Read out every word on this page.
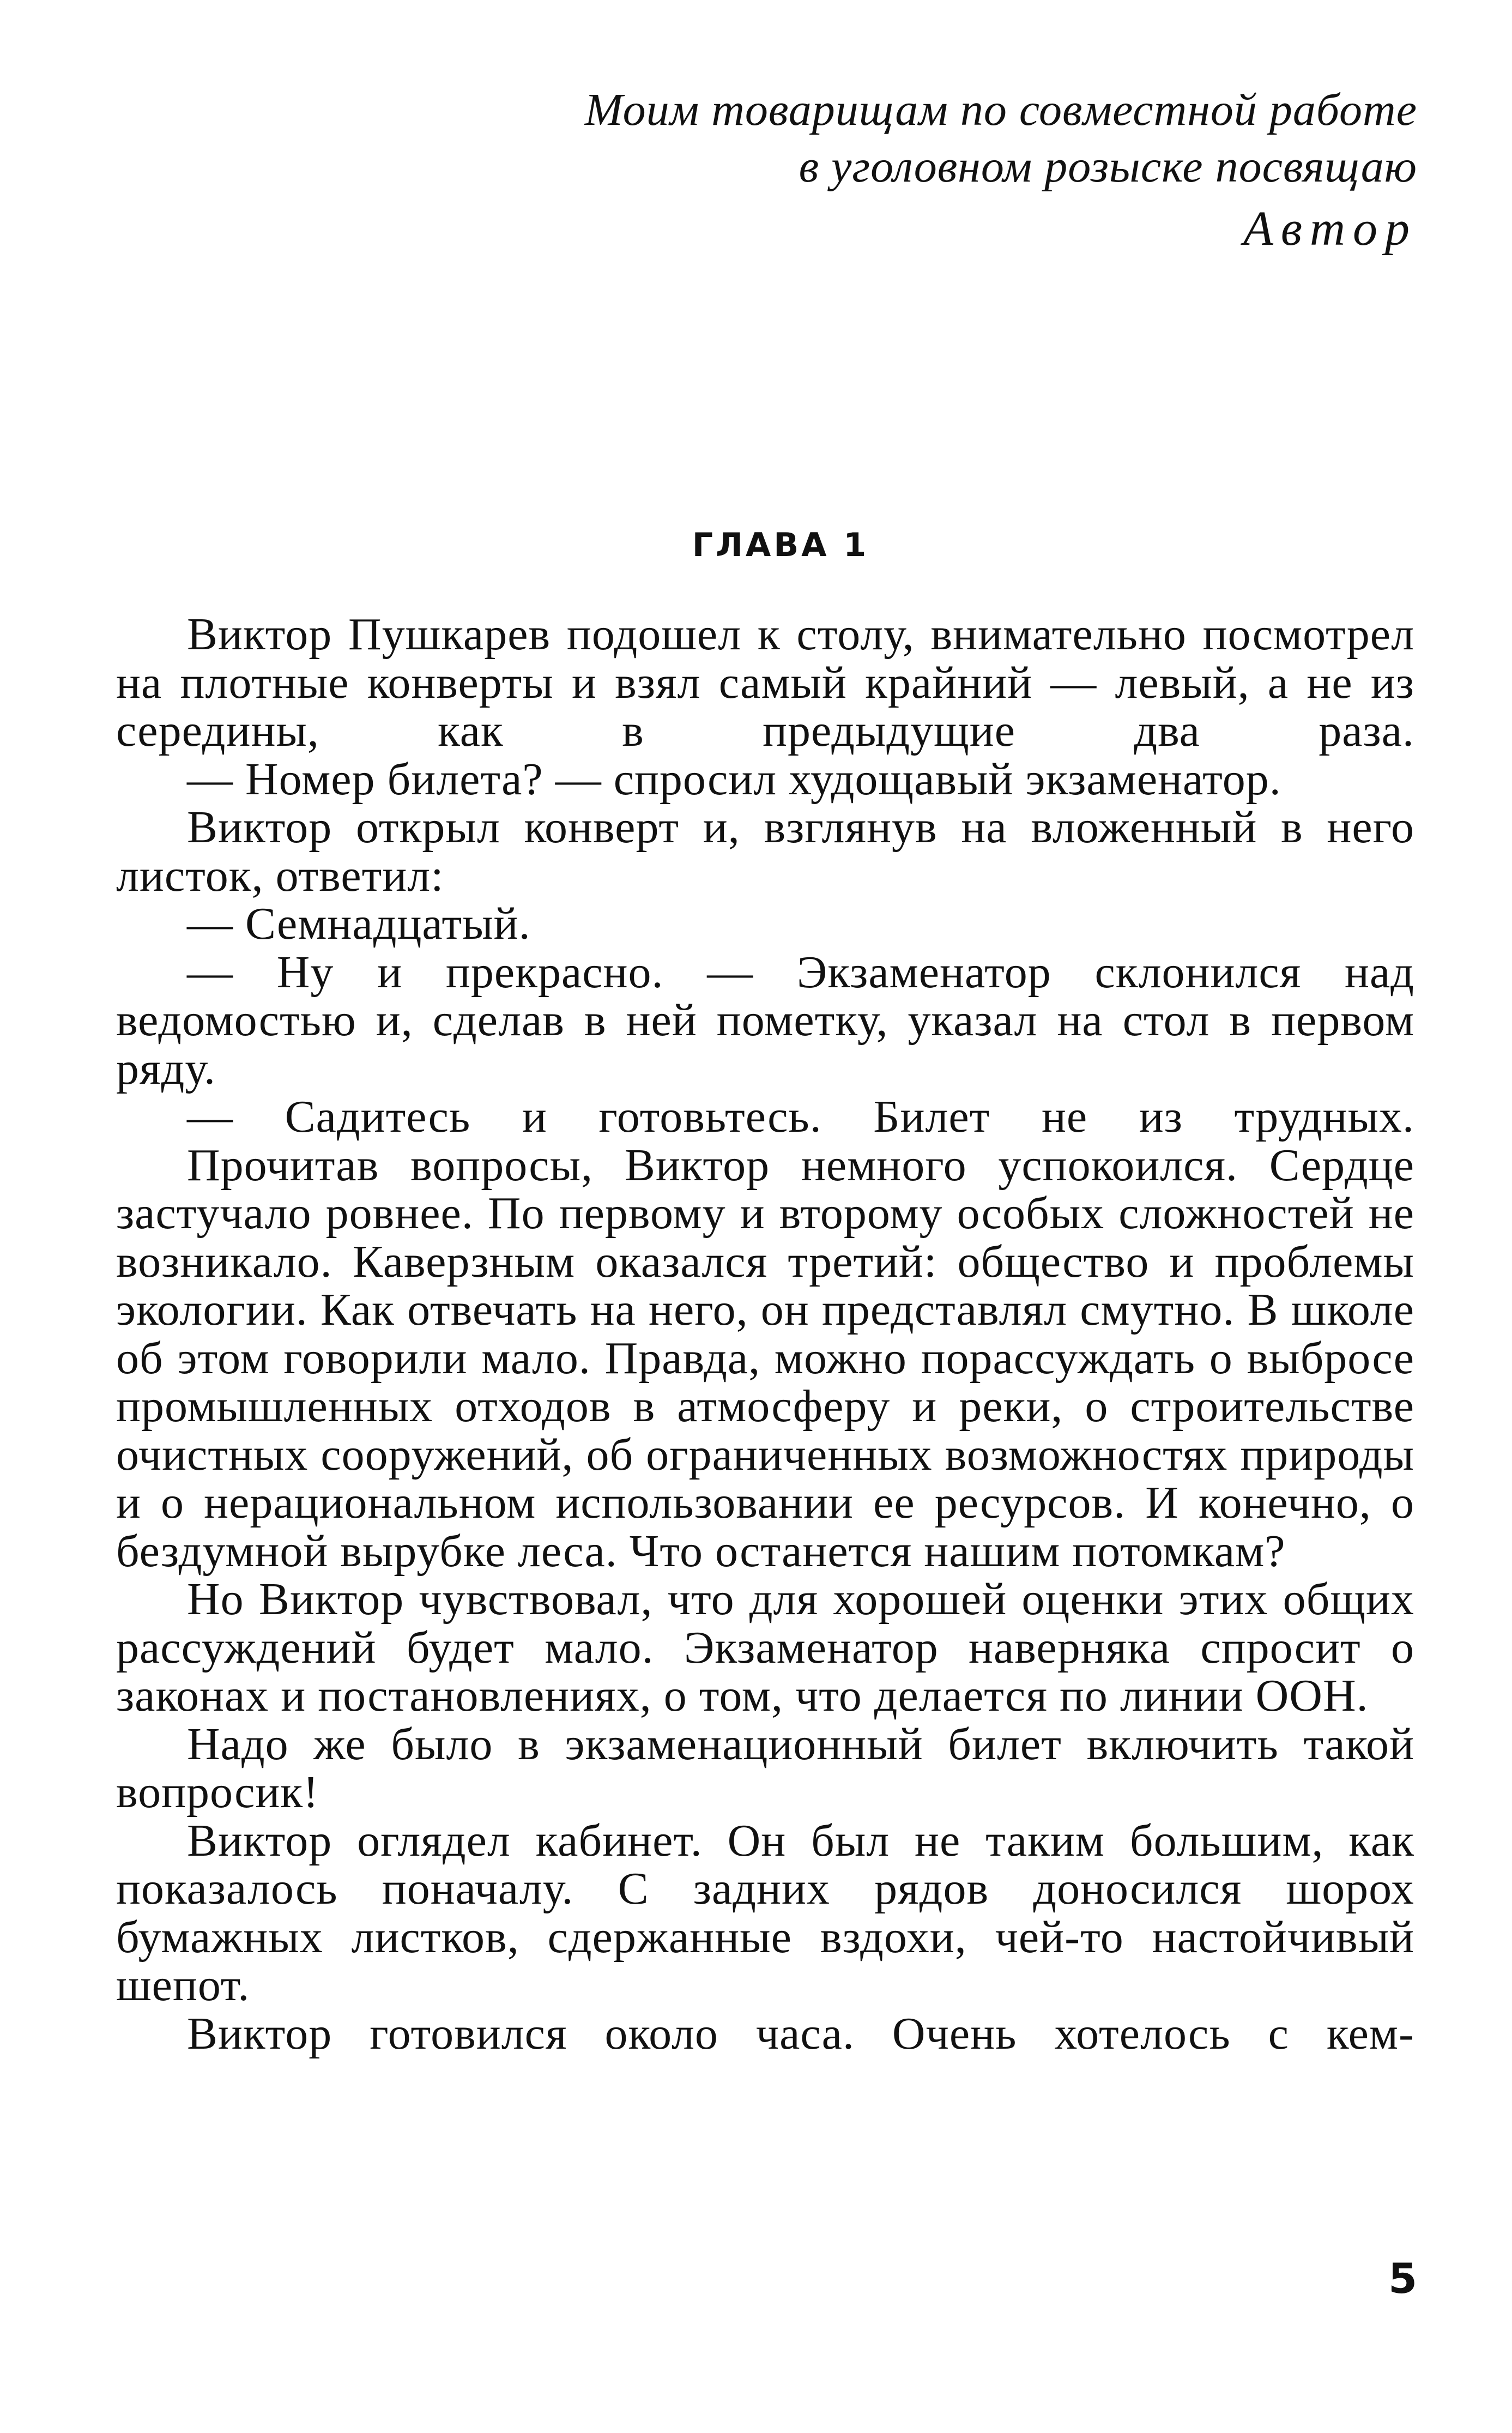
Моим товарищам по совместной работе
в уголовном розыске посвящаю
Автор
ГЛАВА 1

Виктор Пушкарев подошел к столу, внимательно посмотрел на плотные конверты и взял самый крайний — левый, а не из середины, как в предыдущие два раза.

— Номер билета? — спросил худощавый экзаменатор.

Виктор открыл конверт и, взглянув на вложенный в него листок, ответил:

— Семнадцатый.

— Ну и прекрасно. — Экзаменатор склонился над ведомостью и, сделав в ней пометку, указал на стол в первом ряду.

— Садитесь и готовьтесь. Билет не из трудных.

Прочитав вопросы, Виктор немного успокоился. Сердце застучало ровнее. По первому и второму особых сложностей не возникало. Каверзным оказался третий: общество и проблемы экологии. Как отвечать на него, он представлял смутно. В школе об этом говорили мало. Правда, можно порассуждать о выбросе промышленных отходов в атмосферу и реки, о строительстве очистных сооружений, об ограниченных возможностях природы и о нерациональном использовании ее ресурсов. И конечно, о бездумной вырубке леса. Что останется нашим потомкам?

Но Виктор чувствовал, что для хорошей оценки этих общих рассуждений будет мало. Экзаменатор наверняка спросит о законах и постановлениях, о том, что делается по линии ООН.

Надо же было в экзаменационный билет включить такой вопросик!

Виктор оглядел кабинет. Он был не таким большим, как показалось поначалу. С задних рядов доносился шорох бумажных листков, сдержанные вздохи, чей-то настойчивый шепот.

Виктор готовился около часа. Очень хотелось с кем-

5
